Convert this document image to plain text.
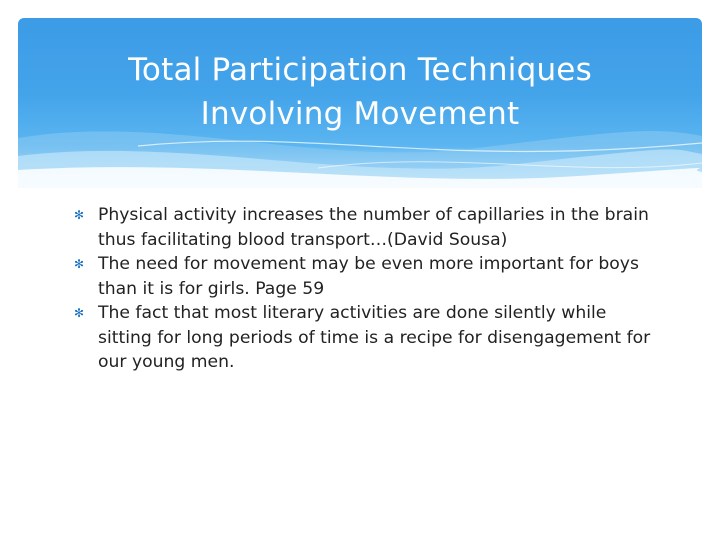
Total Participation Techniques
Involving Movement
✻ Physical activity increases the number of capillaries in the brain thus facilitating blood transport…(David Sousa)
✻ The need for movement may be even more important for boys than it is for girls. Page 59
✻ The fact that most literary activities are done silently while sitting for long periods of time is a recipe for disengagement for our young men.
